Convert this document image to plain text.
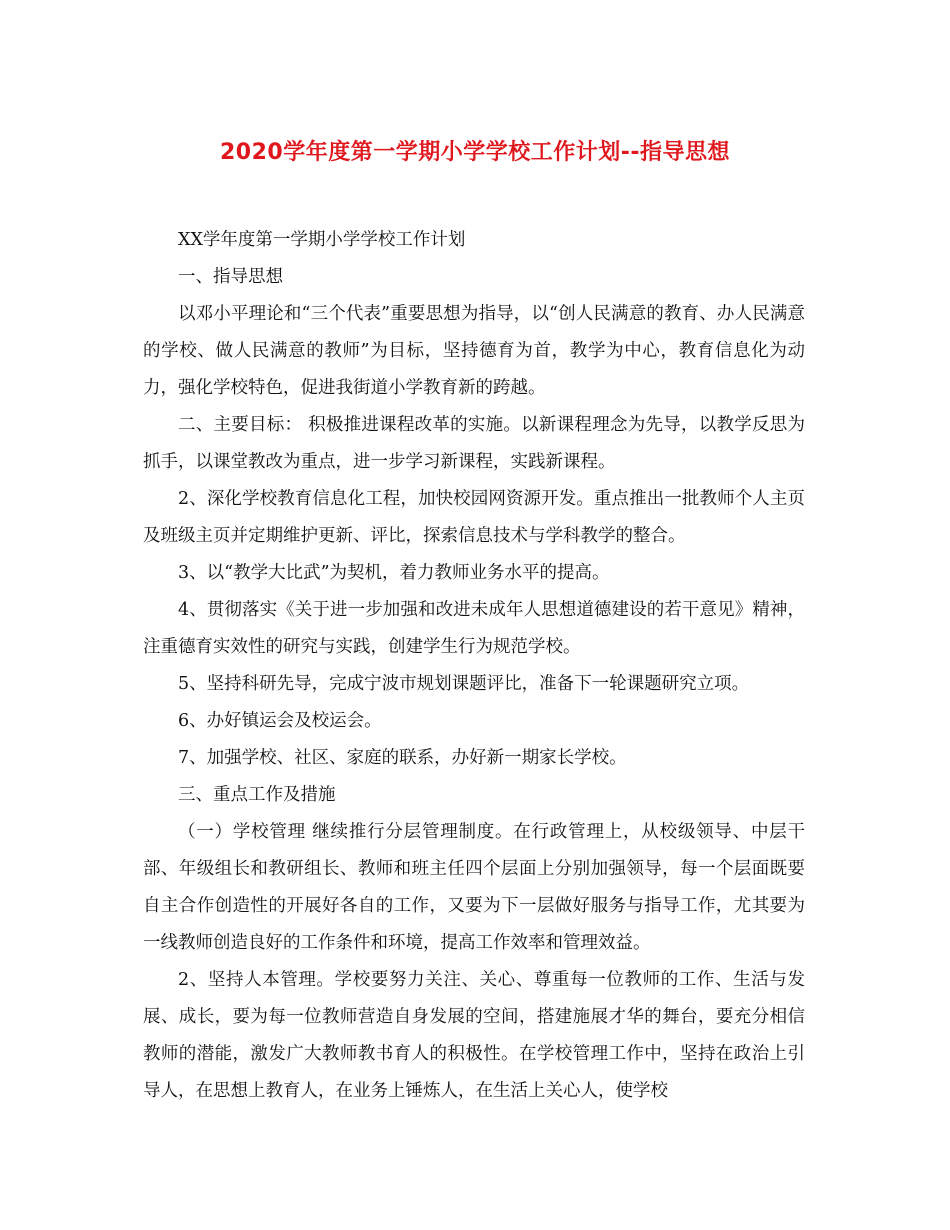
2020学年度第一学期小学学校工作计划--指导思想

XX学年度第一学期小学学校工作计划

一、指导思想

以邓小平理论和“三个代表”重要思想为指导，以“创人民满意的教育、办人民满意的学校、做人民满意的教师”为目标，坚持德育为首，教学为中心，教育信息化为动力，强化学校特色，促进我街道小学教育新的跨越。

二、主要目标： 积极推进课程改革的实施。以新课程理念为先导，以教学反思为抓手，以课堂教改为重点，进一步学习新课程，实践新课程。

2、深化学校教育信息化工程，加快校园网资源开发。重点推出一批教师个人主页及班级主页并定期维护更新、评比，探索信息技术与学科教学的整合。

3、以“教学大比武”为契机，着力教师业务水平的提高。

4、贯彻落实《关于进一步加强和改进未成年人思想道德建设的若干意见》精神，注重德育实效性的研究与实践，创建学生行为规范学校。

5、坚持科研先导，完成宁波市规划课题评比，准备下一轮课题研究立项。

6、办好镇运会及校运会。

7、加强学校、社区、家庭的联系，办好新一期家长学校。

三、重点工作及措施

（一）学校管理 继续推行分层管理制度。在行政管理上，从校级领导、中层干部、年级组长和教研组长、教师和班主任四个层面上分别加强领导，每一个层面既要自主合作创造性的开展好各自的工作，又要为下一层做好服务与指导工作，尤其要为一线教师创造良好的工作条件和环境，提高工作效率和管理效益。

2、坚持人本管理。学校要努力关注、关心、尊重每一位教师的工作、生活与发展、成长，要为每一位教师营造自身发展的空间，搭建施展才华的舞台，要充分相信教师的潜能，激发广大教师教书育人的积极性。在学校管理工作中，坚持在政治上引导人，在思想上教育人，在业务上锤炼人，在生活上关心人，使学校
